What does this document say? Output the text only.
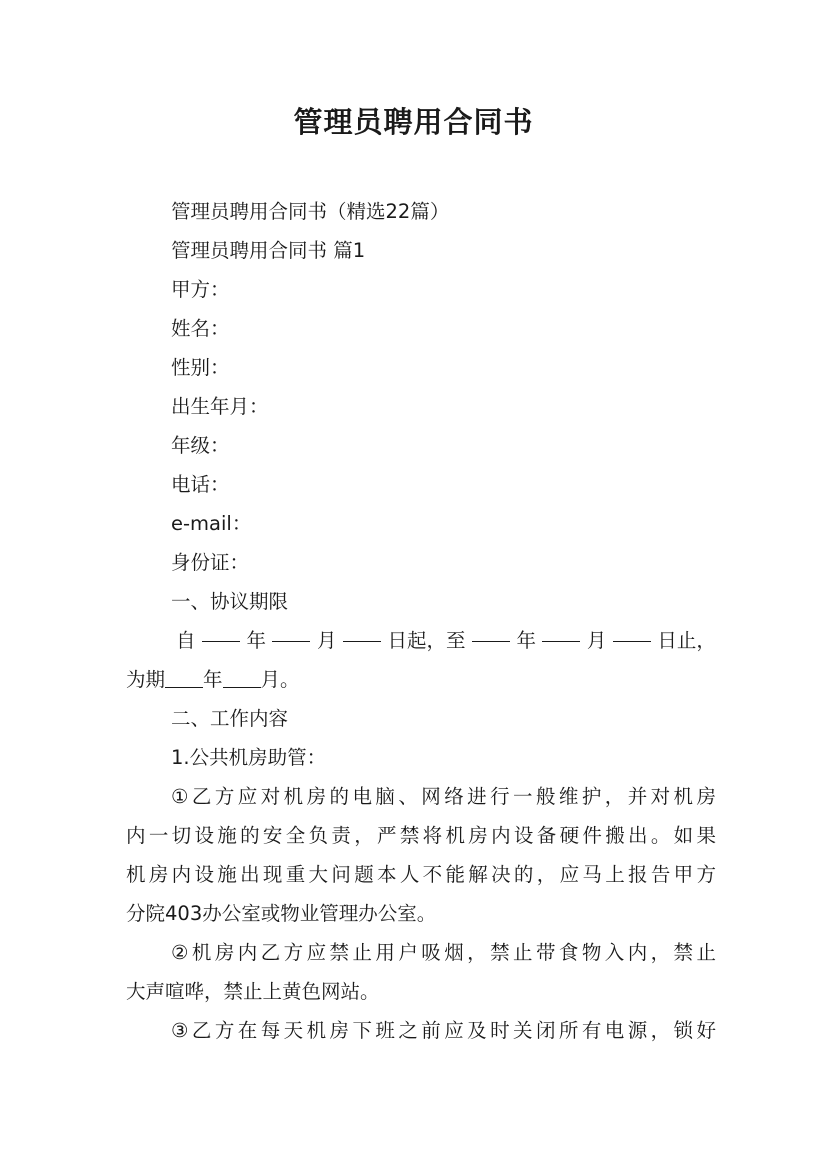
管理员聘用合同书
管理员聘用合同书（精选22篇）
管理员聘用合同书 篇1
甲方：
姓名：
性别：
出生年月：
年级：
电话：
e-mail：
身份证：
一、协议期限
自	年	月	日起，至	年	月	日止，
为期 年 月。
二、工作内容
1.公共机房助管：
①乙方应对机房的电脑、网络进行一般维护，并对机房
内一切设施的安全负责，严禁将机房内设备硬件搬出。如果
机房内设施出现重大问题本人不能解决的，应马上报告甲方
分院403办公室或物业管理办公室。
②机房内乙方应禁止用户吸烟，禁止带食物入内，禁止
大声喧哗，禁止上黄色网站。
③乙方在每天机房下班之前应及时关闭所有电源，锁好
